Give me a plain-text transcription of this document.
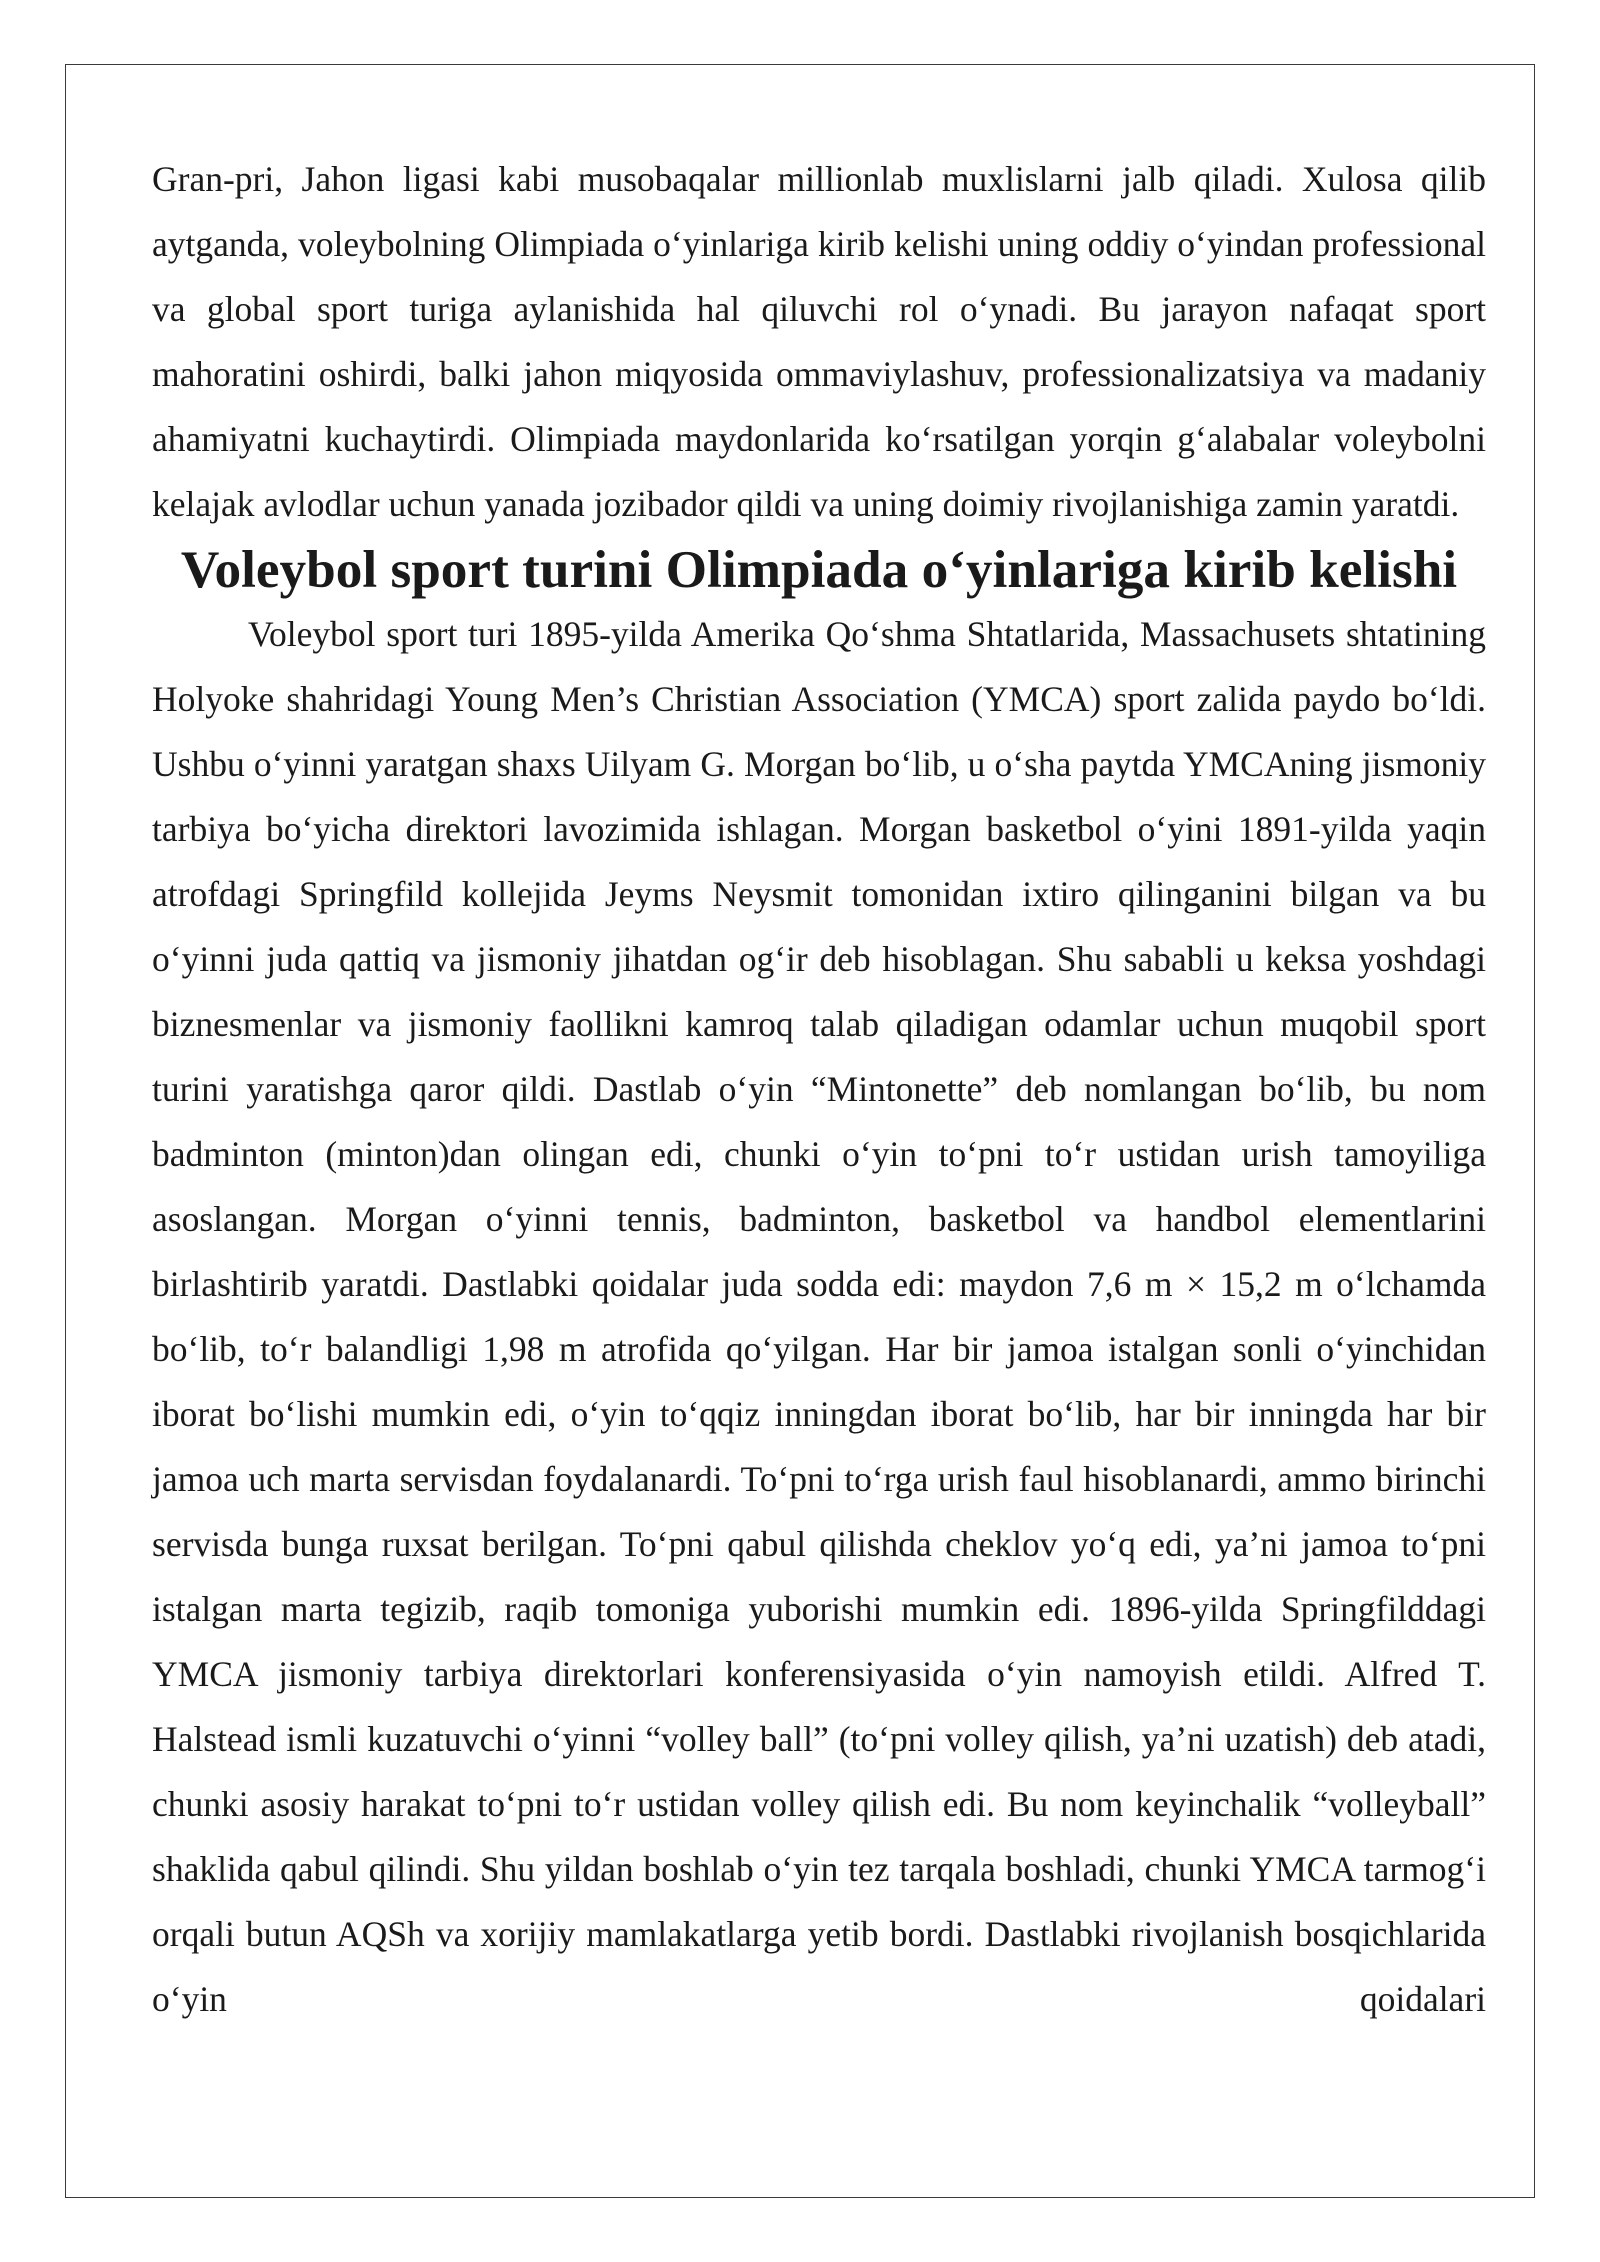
Gran-pri, Jahon ligasi kabi musobaqalar millionlab muxlislarni jalb qiladi. Xulosa qilib aytganda, voleybolning Olimpiada o‘yinlariga kirib kelishi uning oddiy o‘yindan professional va global sport turiga aylanishida hal qiluvchi rol o‘ynadi. Bu jarayon nafaqat sport mahoratini oshirdi, balki jahon miqyosida ommaviylashuv, professionalizatsiya va madaniy ahamiyatni kuchaytirdi. Olimpiada maydonlarida ko‘rsatilgan yorqin g‘alabalar voleybolni kelajak avlodlar uchun yanada jozibador qildi va uning doimiy rivojlanishiga zamin yaratdi.

Voleybol sport turini Olimpiada o‘yinlariga kirib kelishi

Voleybol sport turi 1895-yilda Amerika Qo‘shma Shtatlarida, Massachusets shtatining Holyoke shahridagi Young Men’s Christian Association (YMCA) sport zalida paydo bo‘ldi. Ushbu o‘yinni yaratgan shaxs Uilyam G. Morgan bo‘lib, u o‘sha paytda YMCAning jismoniy tarbiya bo‘yicha direktori lavozimida ishlagan. Morgan basketbol o‘yini 1891-yilda yaqin atrofdagi Springfild kollejida Jeyms Neysmit tomonidan ixtiro qilinganini bilgan va bu o‘yinni juda qattiq va jismoniy jihatdan og‘ir deb hisoblagan. Shu sababli u keksa yoshdagi biznesmenlar va jismoniy faollikni kamroq talab qiladigan odamlar uchun muqobil sport turini yaratishga qaror qildi. Dastlab o‘yin “Mintonette” deb nomlangan bo‘lib, bu nom badminton (minton)dan olingan edi, chunki o‘yin to‘pni to‘r ustidan urish tamoyiliga asoslangan. Morgan o‘yinni tennis, badminton, basketbol va handbol elementlarini birlashtirib yaratdi. Dastlabki qoidalar juda sodda edi: maydon 7,6 m × 15,2 m o‘lchamda bo‘lib, to‘r balandligi 1,98 m atrofida qo‘yilgan. Har bir jamoa istalgan sonli o‘yinchidan iborat bo‘lishi mumkin edi, o‘yin to‘qqiz inningdan iborat bo‘lib, har bir inningda har bir jamoa uch marta servisdan foydalanardi. To‘pni to‘rga urish faul hisoblanardi, ammo birinchi servisda bunga ruxsat berilgan. To‘pni qabul qilishda cheklov yo‘q edi, ya’ni jamoa to‘pni istalgan marta tegizib, raqib tomoniga yuborishi mumkin edi. 1896-yilda Springfilddagi YMCA jismoniy tarbiya direktorlari konferensiyasida o‘yin namoyish etildi. Alfred T. Halstead ismli kuzatuvchi o‘yinni “volley ball” (to‘pni volley qilish, ya’ni uzatish) deb atadi, chunki asosiy harakat to‘pni to‘r ustidan volley qilish edi. Bu nom keyinchalik “volleyball” shaklida qabul qilindi. Shu yildan boshlab o‘yin tez tarqala boshladi, chunki YMCA tarmog‘i orqali butun AQSh va xorijiy mamlakatlarga yetib bordi. Dastlabki rivojlanish bosqichlarida o‘yin qoidalari
